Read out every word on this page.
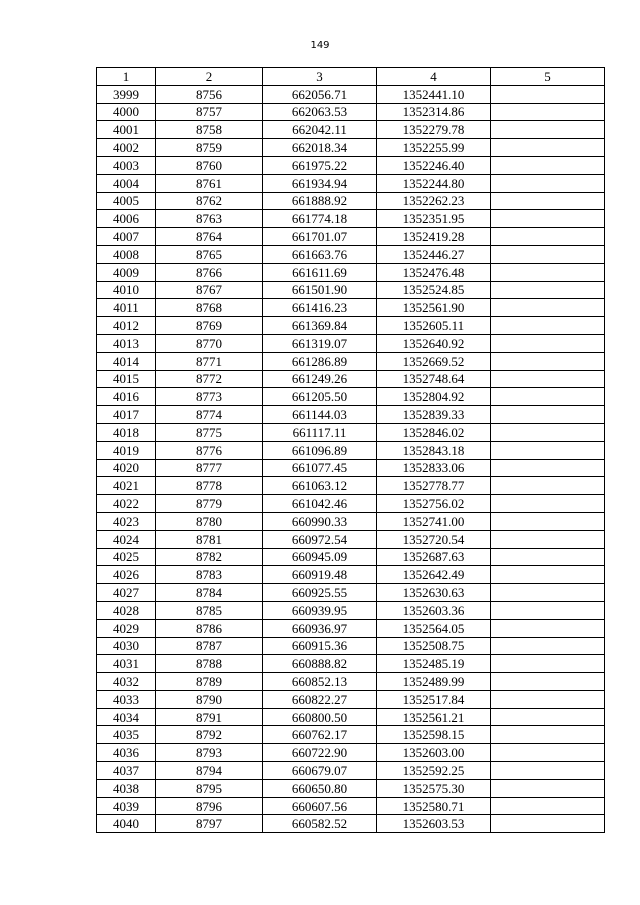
149
1	2	3	4	5
3999	8756	662056.71	1352441.10	
4000	8757	662063.53	1352314.86	
4001	8758	662042.11	1352279.78	
4002	8759	662018.34	1352255.99	
4003	8760	661975.22	1352246.40	
4004	8761	661934.94	1352244.80	
4005	8762	661888.92	1352262.23	
4006	8763	661774.18	1352351.95	
4007	8764	661701.07	1352419.28	
4008	8765	661663.76	1352446.27	
4009	8766	661611.69	1352476.48	
4010	8767	661501.90	1352524.85	
4011	8768	661416.23	1352561.90	
4012	8769	661369.84	1352605.11	
4013	8770	661319.07	1352640.92	
4014	8771	661286.89	1352669.52	
4015	8772	661249.26	1352748.64	
4016	8773	661205.50	1352804.92	
4017	8774	661144.03	1352839.33	
4018	8775	661117.11	1352846.02	
4019	8776	661096.89	1352843.18	
4020	8777	661077.45	1352833.06	
4021	8778	661063.12	1352778.77	
4022	8779	661042.46	1352756.02	
4023	8780	660990.33	1352741.00	
4024	8781	660972.54	1352720.54	
4025	8782	660945.09	1352687.63	
4026	8783	660919.48	1352642.49	
4027	8784	660925.55	1352630.63	
4028	8785	660939.95	1352603.36	
4029	8786	660936.97	1352564.05	
4030	8787	660915.36	1352508.75	
4031	8788	660888.82	1352485.19	
4032	8789	660852.13	1352489.99	
4033	8790	660822.27	1352517.84	
4034	8791	660800.50	1352561.21	
4035	8792	660762.17	1352598.15	
4036	8793	660722.90	1352603.00	
4037	8794	660679.07	1352592.25	
4038	8795	660650.80	1352575.30	
4039	8796	660607.56	1352580.71	
4040	8797	660582.52	1352603.53	
